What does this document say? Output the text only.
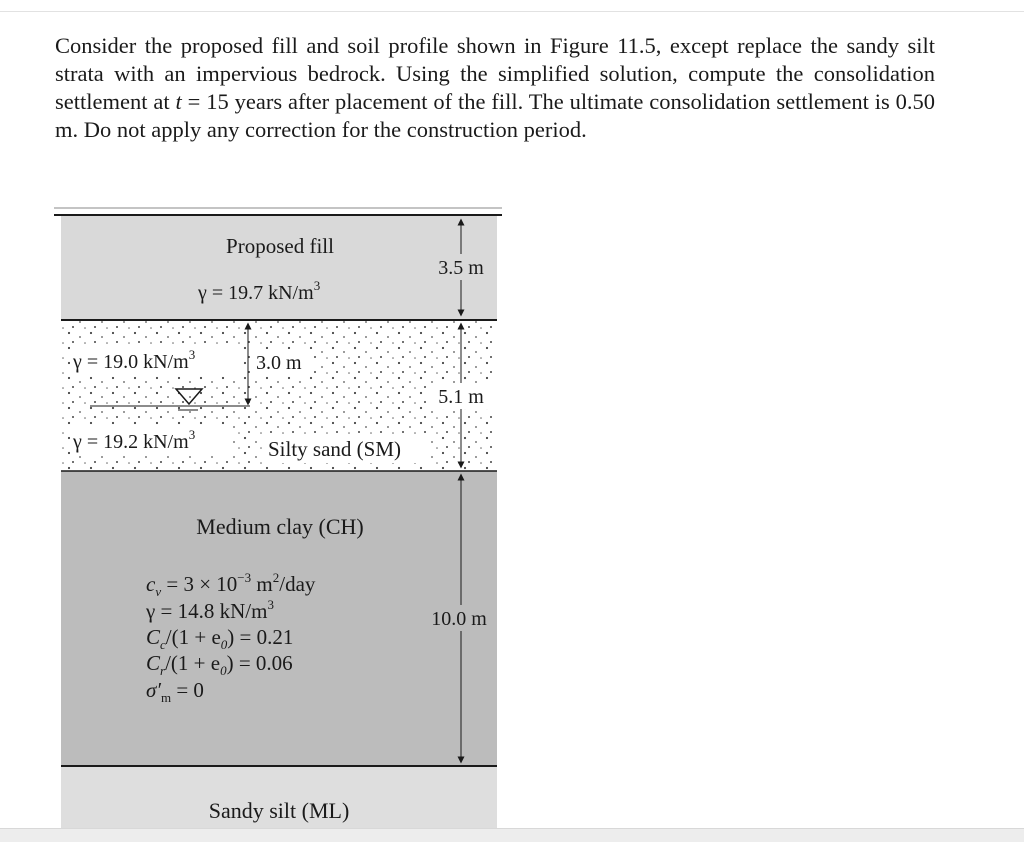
Consider the proposed fill and soil profile shown in Figure 11.5, except replace the sandy silt strata with an impervious bedrock. Using the simplified solution, compute the consolidation settlement at t = 15 years after placement of the fill. The ultimate consolidation settlement is 0.50 m. Do not apply any correction for the construction period.

Proposed fill
γ = 19.7 $kN/m^3$
3.5 m
γ = 19.0 $kN/m^3$	3.0 m
5.1 m
γ = 19.2 $kN/m^3$
Silty sand (SM)
Medium clay (CH)
$c_v = 3 \times 10^{-3}$ $m^2$/day
γ = 14.8 $kN/m^3$
$C_c/(1 + e_0) = 0.21$
$C_r/(1 + e_0) = 0.06$
$\sigma'_m = 0$
10.0 m
Sandy silt (ML)
